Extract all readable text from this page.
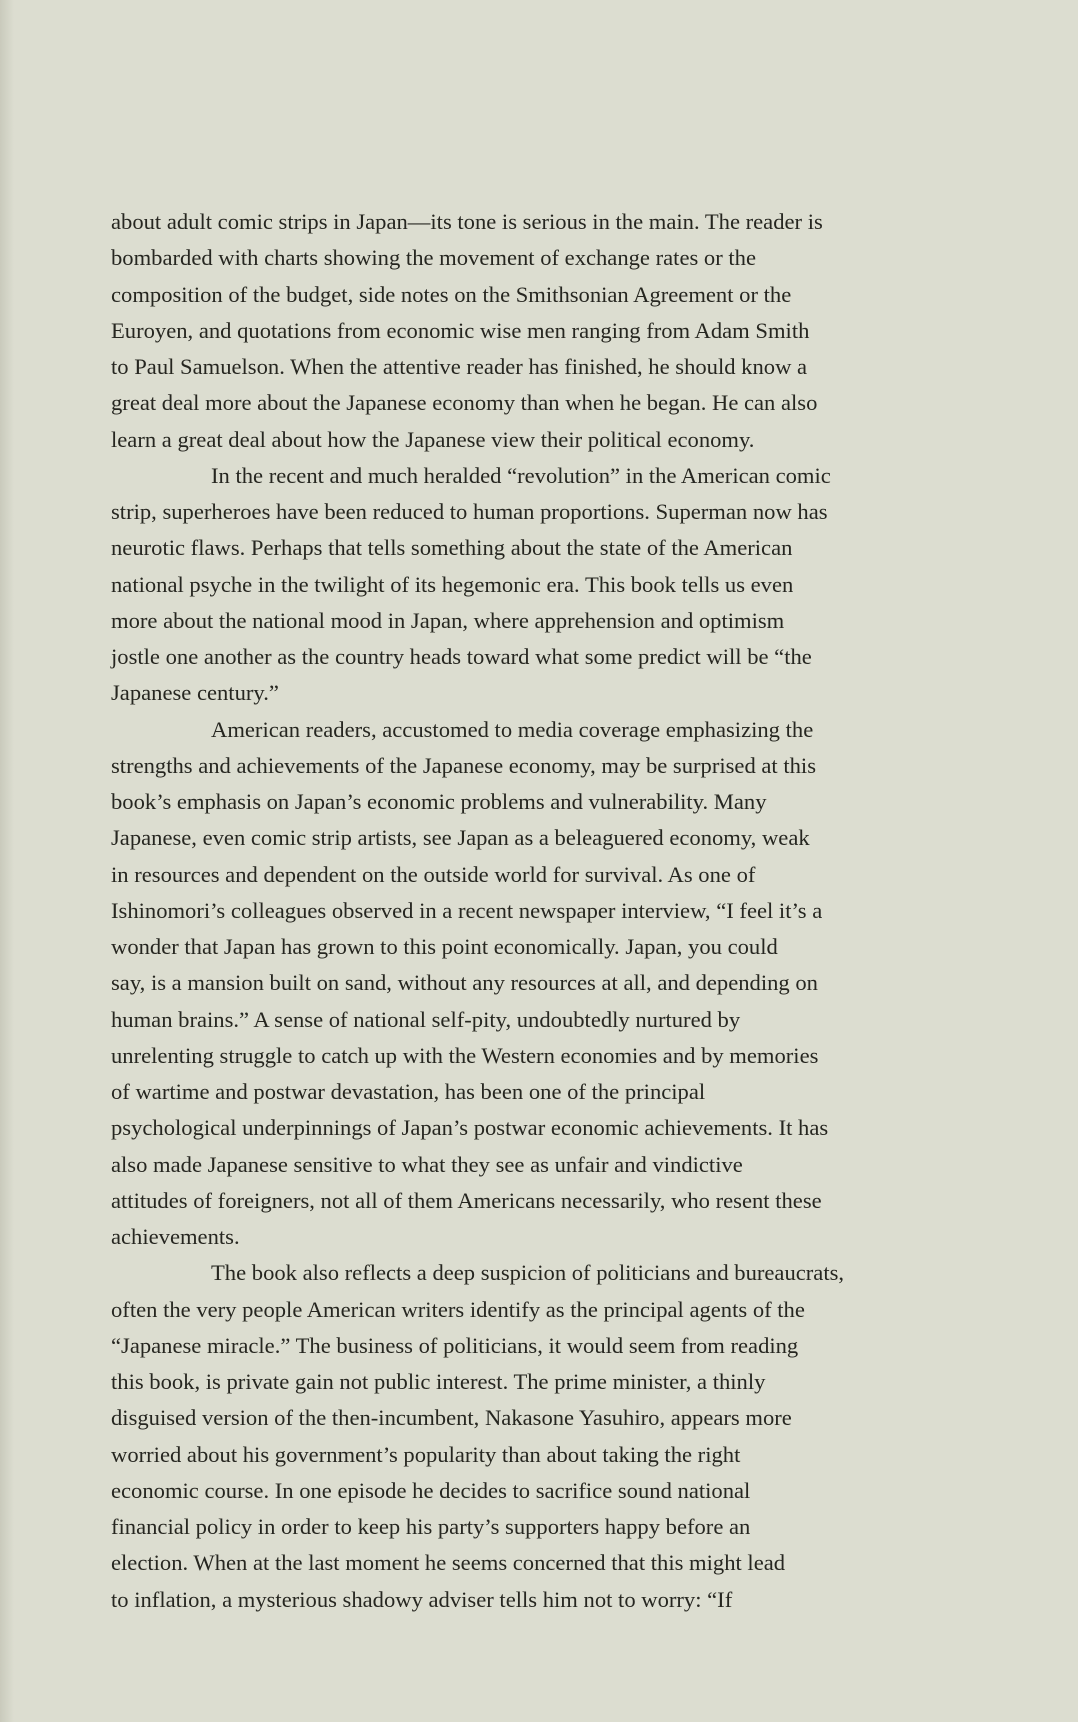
about adult comic strips in Japan—its tone is serious in the main. The reader is
bombarded with charts showing the movement of exchange rates or the
composition of the budget, side notes on the Smithsonian Agreement or the
Euroyen, and quotations from economic wise men ranging from Adam Smith
to Paul Samuelson. When the attentive reader has finished, he should know a
great deal more about the Japanese economy than when he began. He can also
learn a great deal about how the Japanese view their political economy.

In the recent and much heralded “revolution” in the American comic
strip, superheroes have been reduced to human proportions. Superman now has
neurotic flaws. Perhaps that tells something about the state of the American
national psyche in the twilight of its hegemonic era. This book tells us even
more about the national mood in Japan, where apprehension and optimism
jostle one another as the country heads toward what some predict will be “the
Japanese century.”

American readers, accustomed to media coverage emphasizing the
strengths and achievements of the Japanese economy, may be surprised at this
book’s emphasis on Japan’s economic problems and vulnerability. Many
Japanese, even comic strip artists, see Japan as a beleaguered economy, weak
in resources and dependent on the outside world for survival. As one of
Ishinomori’s colleagues observed in a recent newspaper interview, “I feel it’s a
wonder that Japan has grown to this point economically. Japan, you could
say, is a mansion built on sand, without any resources at all, and depending on
human brains.” A sense of national self-pity, undoubtedly nurtured by
unrelenting struggle to catch up with the Western economies and by memories
of wartime and postwar devastation, has been one of the principal
psychological underpinnings of Japan’s postwar economic achievements. It has
also made Japanese sensitive to what they see as unfair and vindictive
attitudes of foreigners, not all of them Americans necessarily, who resent these
achievements.

The book also reflects a deep suspicion of politicians and bureaucrats,
often the very people American writers identify as the principal agents of the
“Japanese miracle.” The business of politicians, it would seem from reading
this book, is private gain not public interest. The prime minister, a thinly
disguised version of the then-incumbent, Nakasone Yasuhiro, appears more
worried about his government’s popularity than about taking the right
economic course. In one episode he decides to sacrifice sound national
financial policy in order to keep his party’s supporters happy before an
election. When at the last moment he seems concerned that this might lead
to inflation, a mysterious shadowy adviser tells him not to worry: “If
